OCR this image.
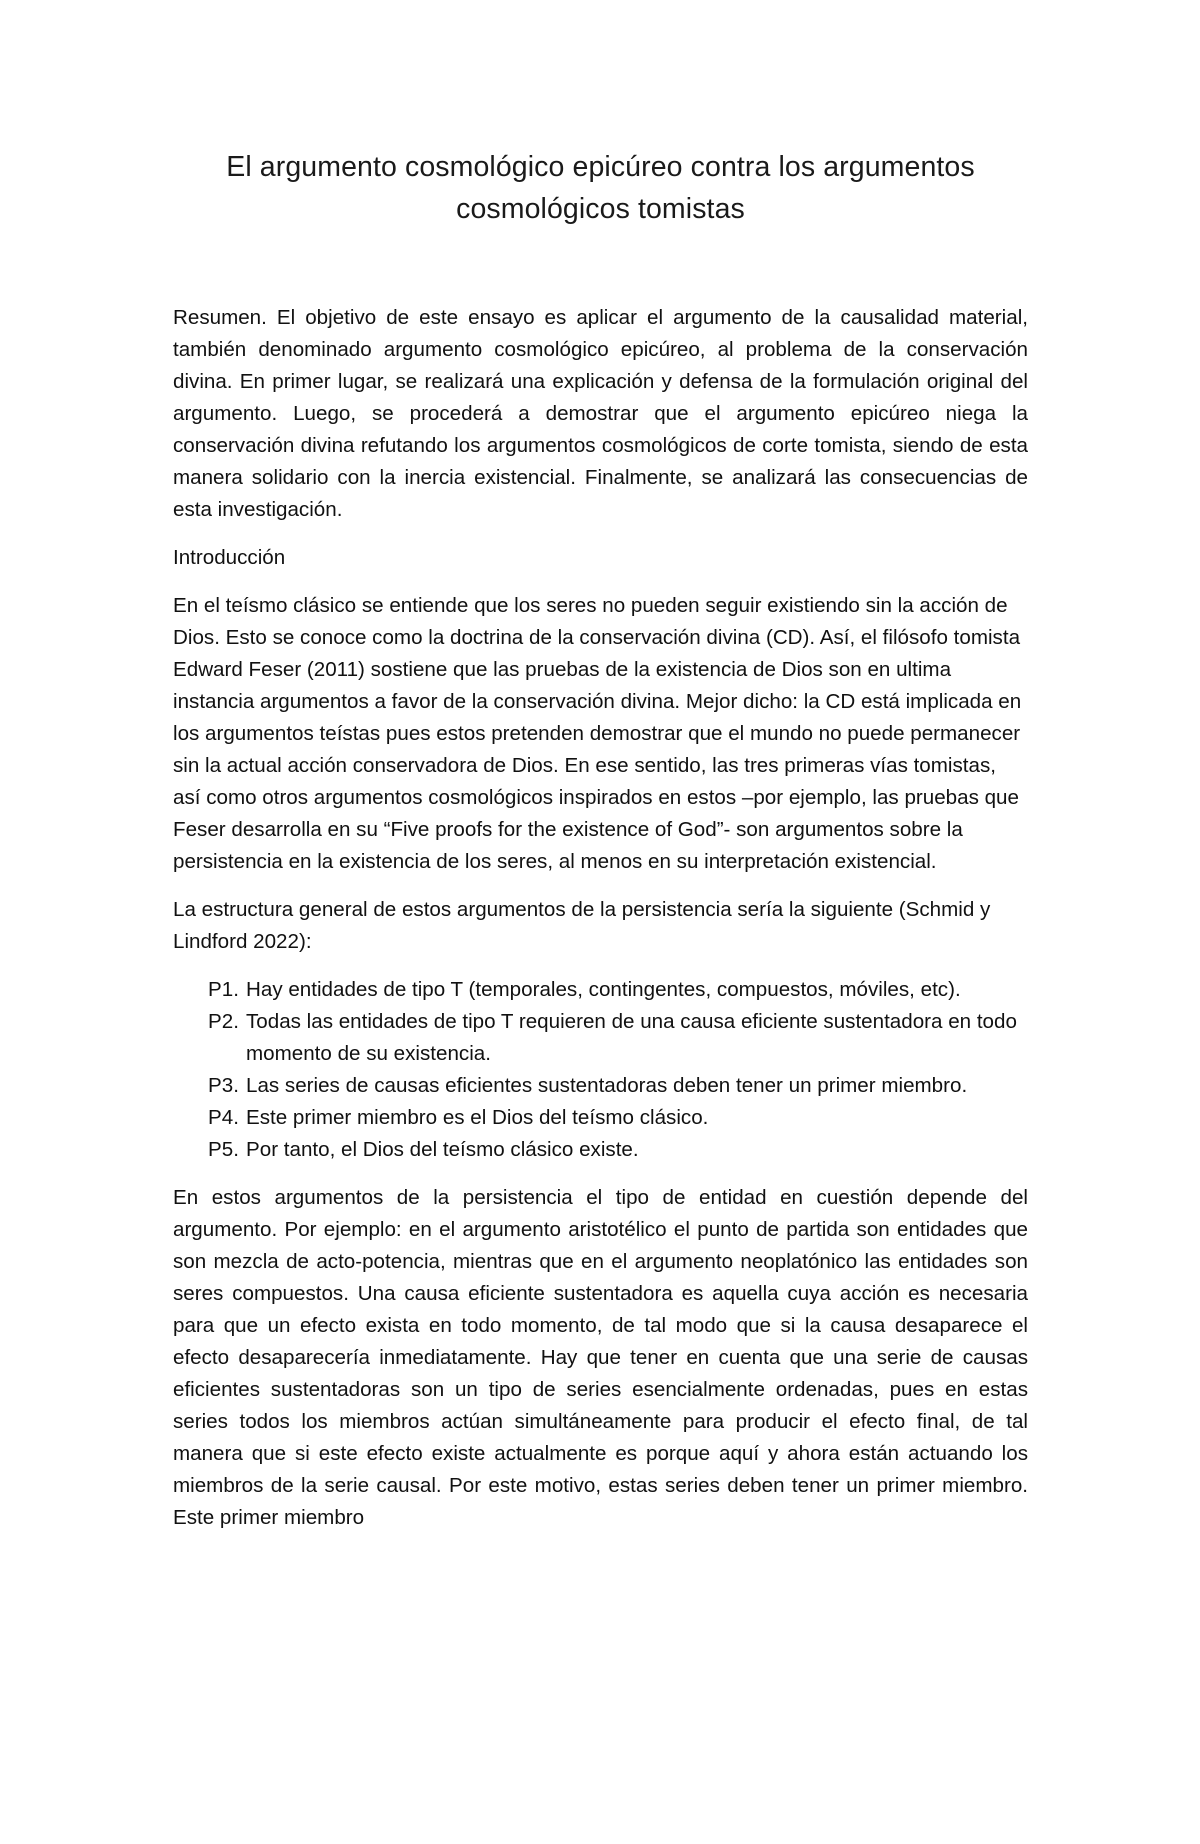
El argumento cosmológico epicúreo contra los argumentos
cosmológicos tomistas

Resumen. El objetivo de este ensayo es aplicar el argumento de la causalidad material, también denominado argumento cosmológico epicúreo, al problema de la conservación divina. En primer lugar, se realizará una explicación y defensa de la formulación original del argumento. Luego, se procederá a demostrar que el argumento epicúreo niega la conservación divina refutando los argumentos cosmológicos de corte tomista, siendo de esta manera solidario con la inercia existencial. Finalmente, se analizará las consecuencias de esta investigación.

Introducción

En el teísmo clásico se entiende que los seres no pueden seguir existiendo sin la acción de Dios. Esto se conoce como la doctrina de la conservación divina (CD). Así, el filósofo tomista Edward Feser (2011) sostiene que las pruebas de la existencia de Dios son en ultima instancia argumentos a favor de la conservación divina. Mejor dicho: la CD está implicada en los argumentos teístas pues estos pretenden demostrar que el mundo no puede permanecer sin la actual acción conservadora de Dios. En ese sentido, las tres primeras vías tomistas, así como otros argumentos cosmológicos inspirados en estos –por ejemplo, las pruebas que Feser desarrolla en su “Five proofs for the existence of God”- son argumentos sobre la persistencia en la existencia de los seres, al menos en su interpretación existencial.

La estructura general de estos argumentos de la persistencia sería la siguiente (Schmid y Lindford 2022):

P1. Hay entidades de tipo T (temporales, contingentes, compuestos, móviles, etc).
P2. Todas las entidades de tipo T requieren de una causa eficiente sustentadora en todo momento de su existencia.
P3. Las series de causas eficientes sustentadoras deben tener un primer miembro.
P4. Este primer miembro es el Dios del teísmo clásico.
P5. Por tanto, el Dios del teísmo clásico existe.

En estos argumentos de la persistencia el tipo de entidad en cuestión depende del argumento. Por ejemplo: en el argumento aristotélico el punto de partida son entidades que son mezcla de acto-potencia, mientras que en el argumento neoplatónico las entidades son seres compuestos. Una causa eficiente sustentadora es aquella cuya acción es necesaria para que un efecto exista en todo momento, de tal modo que si la causa desaparece el efecto desaparecería inmediatamente. Hay que tener en cuenta que una serie de causas eficientes sustentadoras son un tipo de series esencialmente ordenadas, pues en estas series todos los miembros actúan simultáneamente para producir el efecto final, de tal manera que si este efecto existe actualmente es porque aquí y ahora están actuando los miembros de la serie causal. Por este motivo, estas series deben tener un primer miembro. Este primer miembro
